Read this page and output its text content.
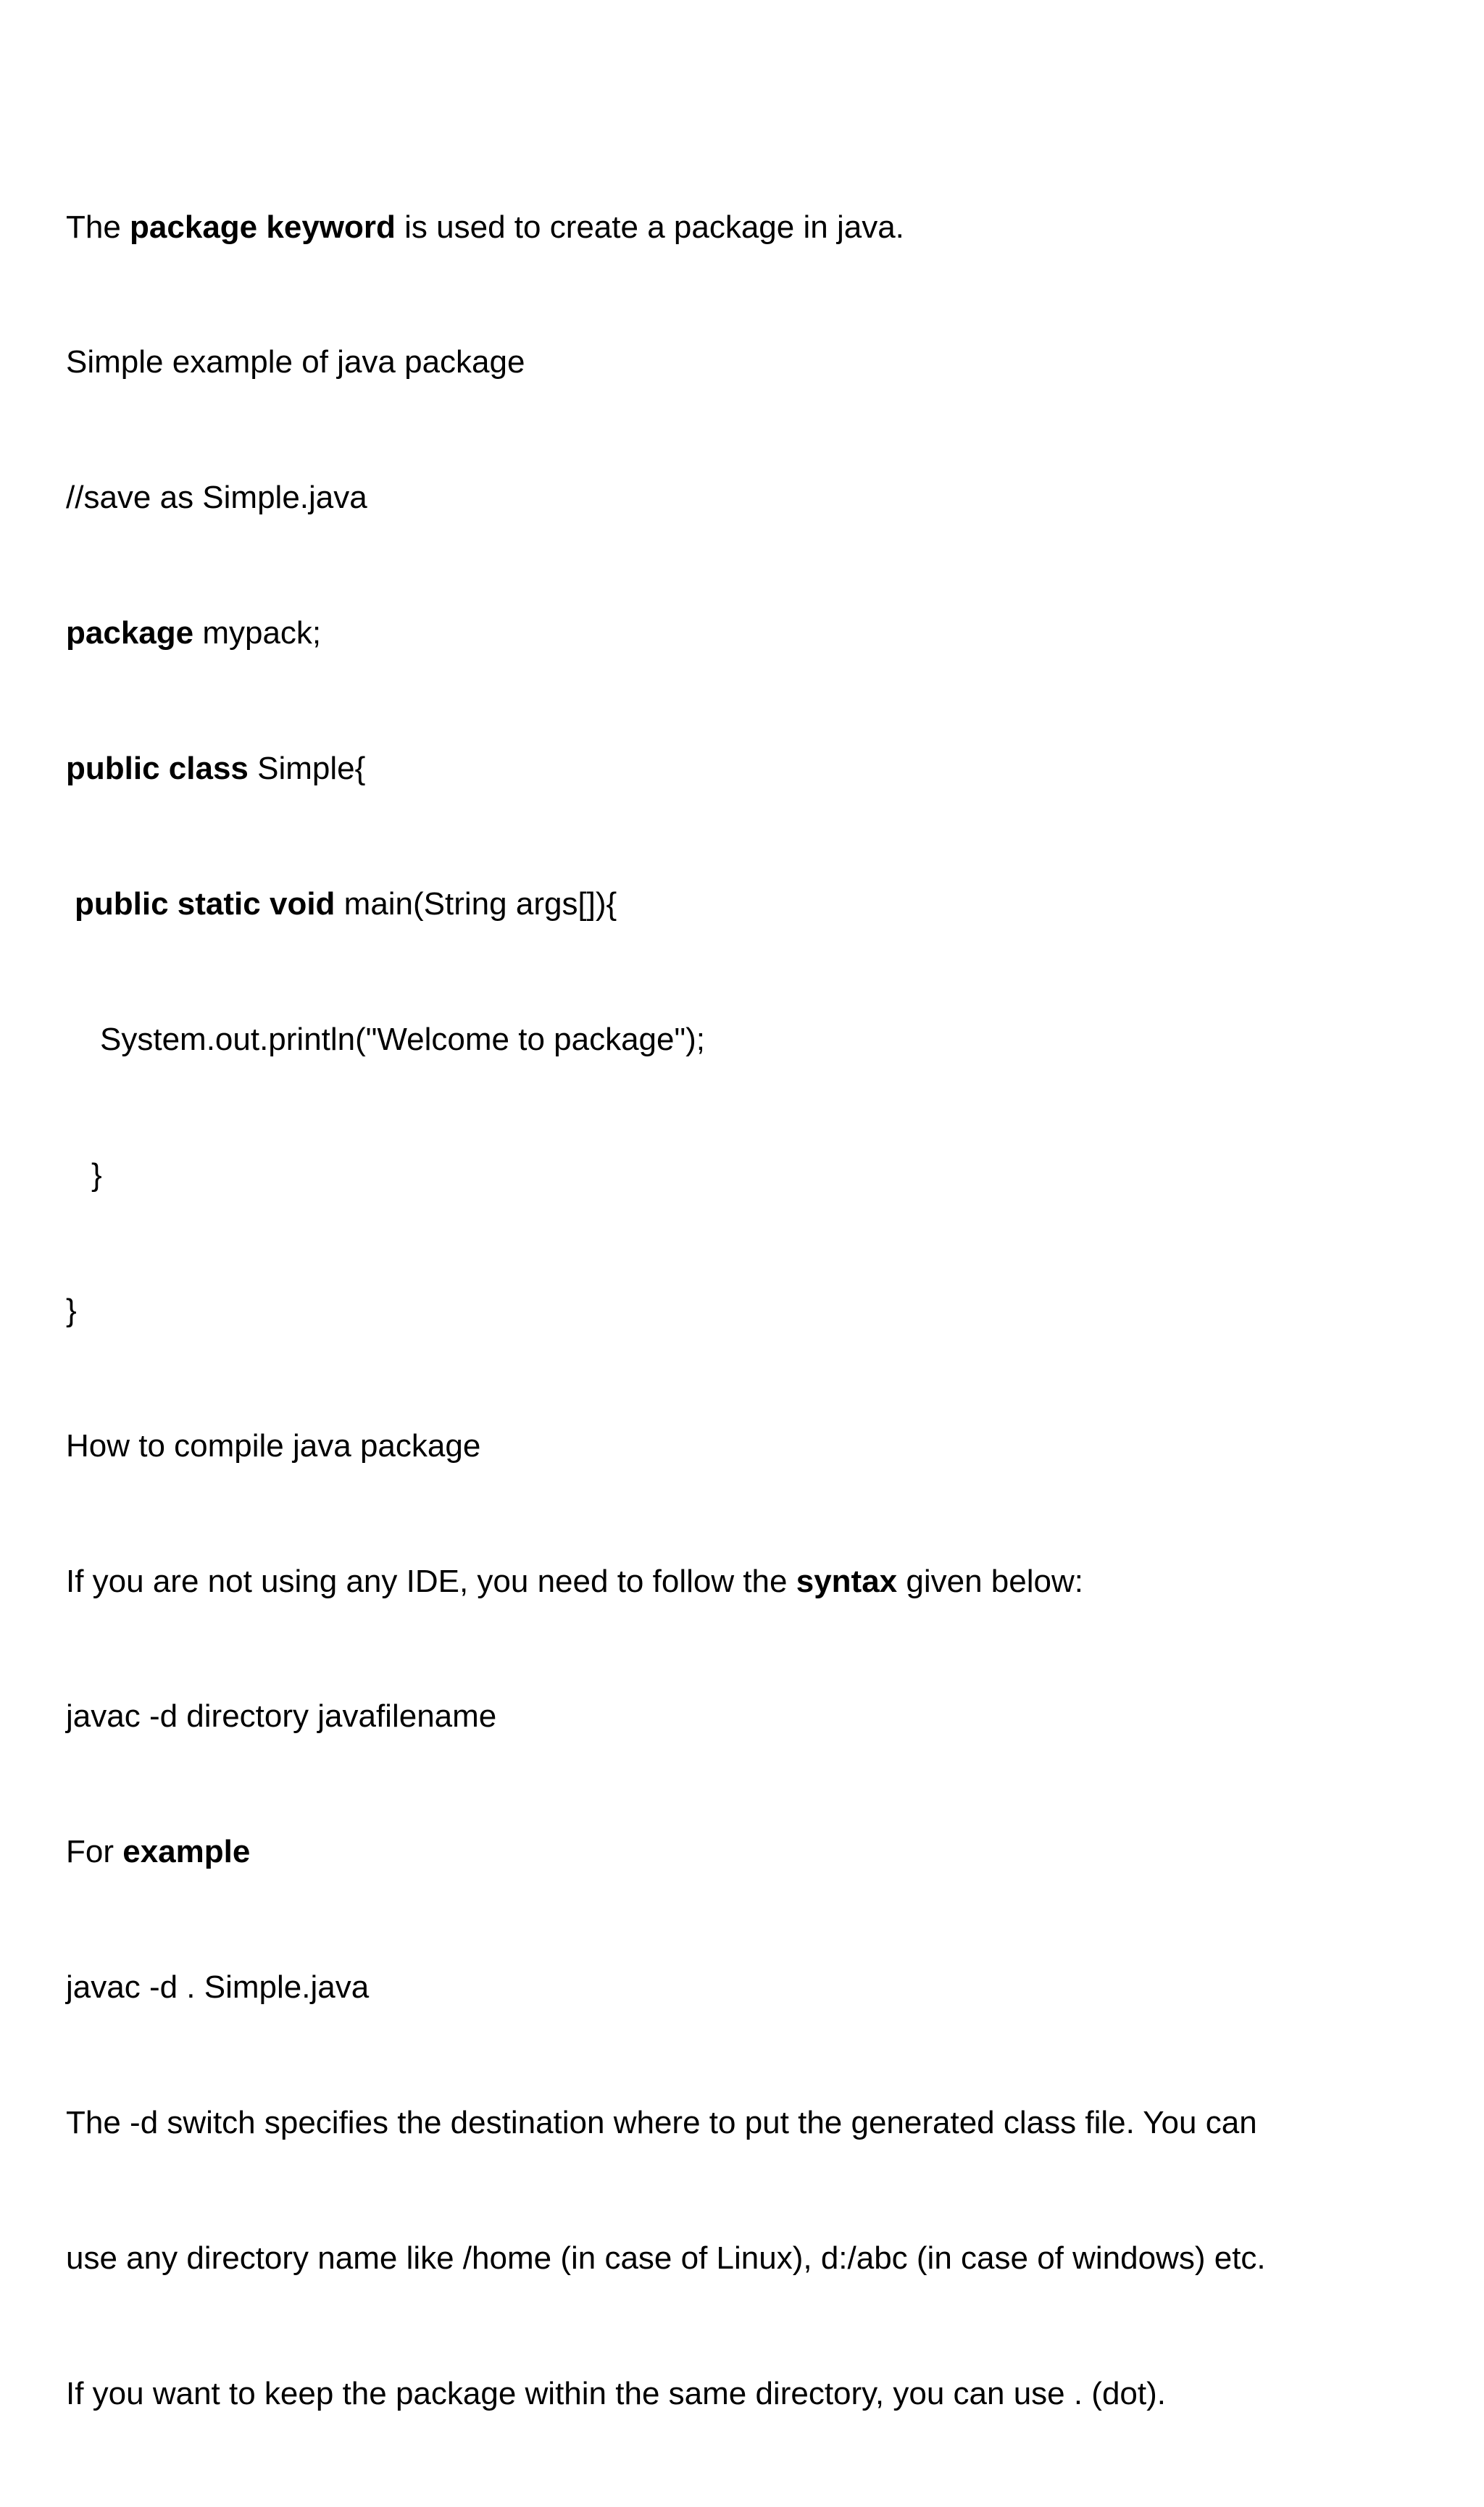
The package keyword is used to create a package in java.

Simple example of java package

//save as Simple.java

package mypack;

public class Simple{

public static void main(String args[]){

System.out.println("Welcome to package");

}

}

How to compile java package

If you are not using any IDE, you need to follow the syntax given below:

javac -d directory javafilename

For example

javac -d . Simple.java

The -d switch specifies the destination where to put the generated class file. You can

use any directory name like /home (in case of Linux), d:/abc (in case of windows) etc.

If you want to keep the package within the same directory, you can use . (dot).
